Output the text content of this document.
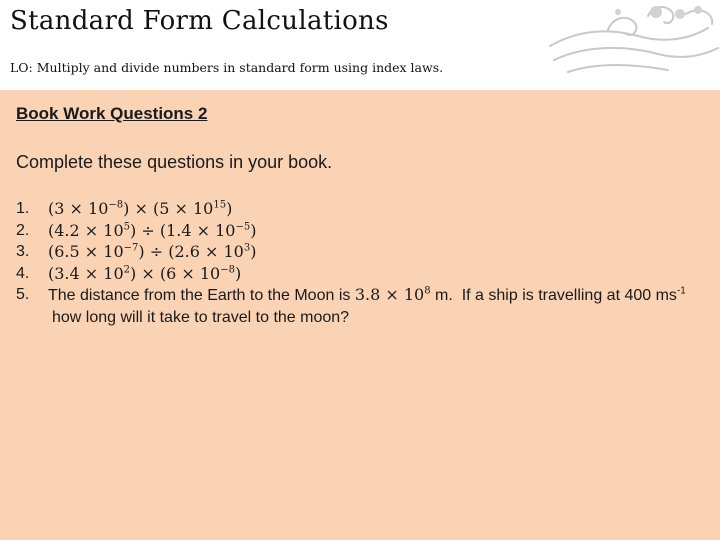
Standard Form Calculations
LO: Multiply and divide numbers in standard form using index laws.
Book Work Questions 2
Complete these questions in your book.
1.	$(3 \times 10^{-8}) \times (5 \times 10^{15})$
2.	$(4.2 \times 10^5) \div (1.4 \times 10^{-5})$
3.	$(6.5 \times 10^{-7}) \div (2.6 \times 10^3)$
4.	$(3.4 \times 10^2) \times (6 \times 10^{-8})$
5.	The distance from the Earth to the Moon is $3.8 \times 10^8$ m. If a ship is travelling at 400 $ms^{-1}$
how long will it take to travel to the moon?
